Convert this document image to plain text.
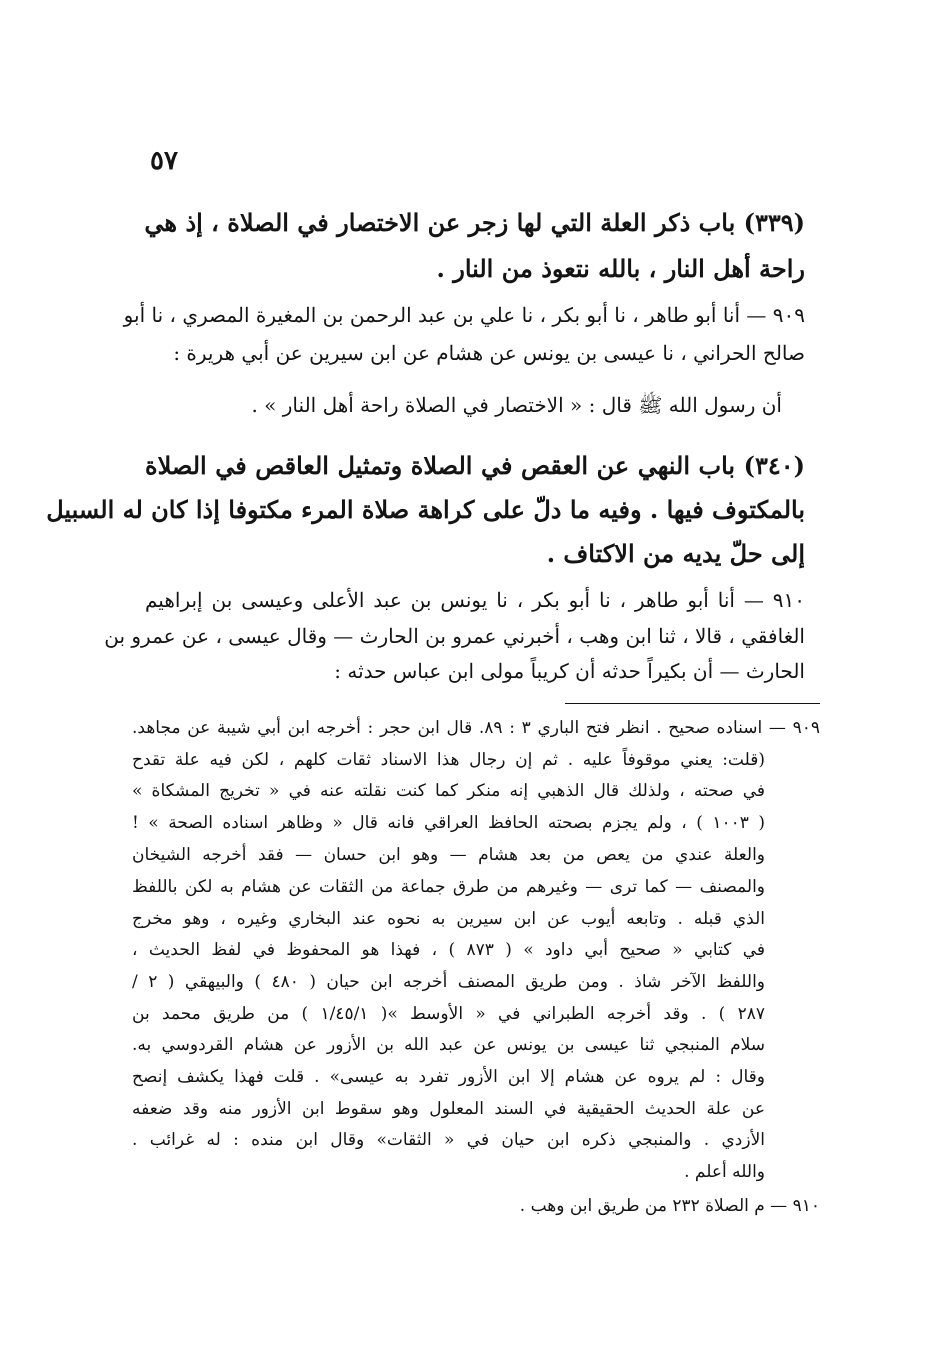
٥٧
(٣٣٩) باب ذكر العلة التي لها زجر عن الاختصار في الصلاة ، إذ هي
راحة أهل النار ، بالله نتعوذ من النار .
٩٠٩ — أنا أبو طاهر ، نا أبو بكر ، نا علي بن عبد الرحمن بن المغيرة المصري ، نا أبو
صالح الحراني ، نا عيسى بن يونس عن هشام عن ابن سيرين عن أبي هريرة :
أن رسول الله ﷺ قال : « الاختصار في الصلاة راحة أهل النار » .
(٣٤٠) باب النهي عن العقص في الصلاة وتمثيل العاقص في الصلاة
بالمكتوف فيها . وفيه ما دلّ على كراهة صلاة المرء مكتوفا إذا كان له السبيل
إلى حلّ يديه من الاكتاف .
٩١٠ — أنا أبو طاهر ، نا أبو بكر ، نا يونس بن عبد الأعلى وعيسى بن إبراهيم
الغافقي ، قالا ، ثنا ابن وهب ، أخبرني عمرو بن الحارث — وقال عيسى ، عن عمرو بن
الحارث — أن بكيراً حدثه أن كريباً مولى ابن عباس حدثه :
٩٠٩ — اسناده صحيح . انظر فتح الباري ٣ : ٨٩. قال ابن حجر : أخرجه ابن أبي شيبة عن مجاهد.
(قلت: يعني موقوفاً عليه . ثم إن رجال هذا الاسناد ثقات كلهم ، لكن فيه علة تقدح
في صحته ، ولذلك قال الذهبي إنه منكر كما كنت نقلته عنه في « تخريج المشكاة »
( ١٠٠٣ ) ، ولم يجزم بصحته الحافظ العراقي فانه قال « وظاهر اسناده الصحة » !
والعلة عندي من يعص من بعد هشام — وهو ابن حسان — فقد أخرجه الشيخان
والمصنف — كما ترى — وغيرهم من طرق جماعة من الثقات عن هشام به لكن باللفظ
الذي قبله . وتابعه أيوب عن ابن سيرين به نحوه عند البخاري وغيره ، وهو مخرج
في كتابي « صحيح أبي داود » ( ٨٧٣ ) ، فهذا هو المحفوظ في لفظ الحديث ،
واللفظ الآخر شاذ . ومن طريق المصنف أخرجه ابن حيان ( ٤٨٠ ) والبيهقي ( ٢ /
٢٨٧ ) . وقد أخرجه الطبراني في « الأوسط »( ١/٤٥/١ ) من طريق محمد بن
سلام المنبجي ثنا عيسى بن يونس عن عبد الله بن الأزور عن هشام القردوسي به.
وقال : لم يروه عن هشام إلا ابن الأزور تفرد به عيسى» . قلت فهذا يكشف إنصح
عن علة الحديث الحقيقية في السند المعلول وهو سقوط ابن الأزور منه وقد ضعفه
الأزدي . والمنبجي ذكره ابن حيان في « الثقات» وقال ابن منده : له غرائب .
والله أعلم .
٩١٠ — م الصلاة ٢٣٢ من طريق ابن وهب .
